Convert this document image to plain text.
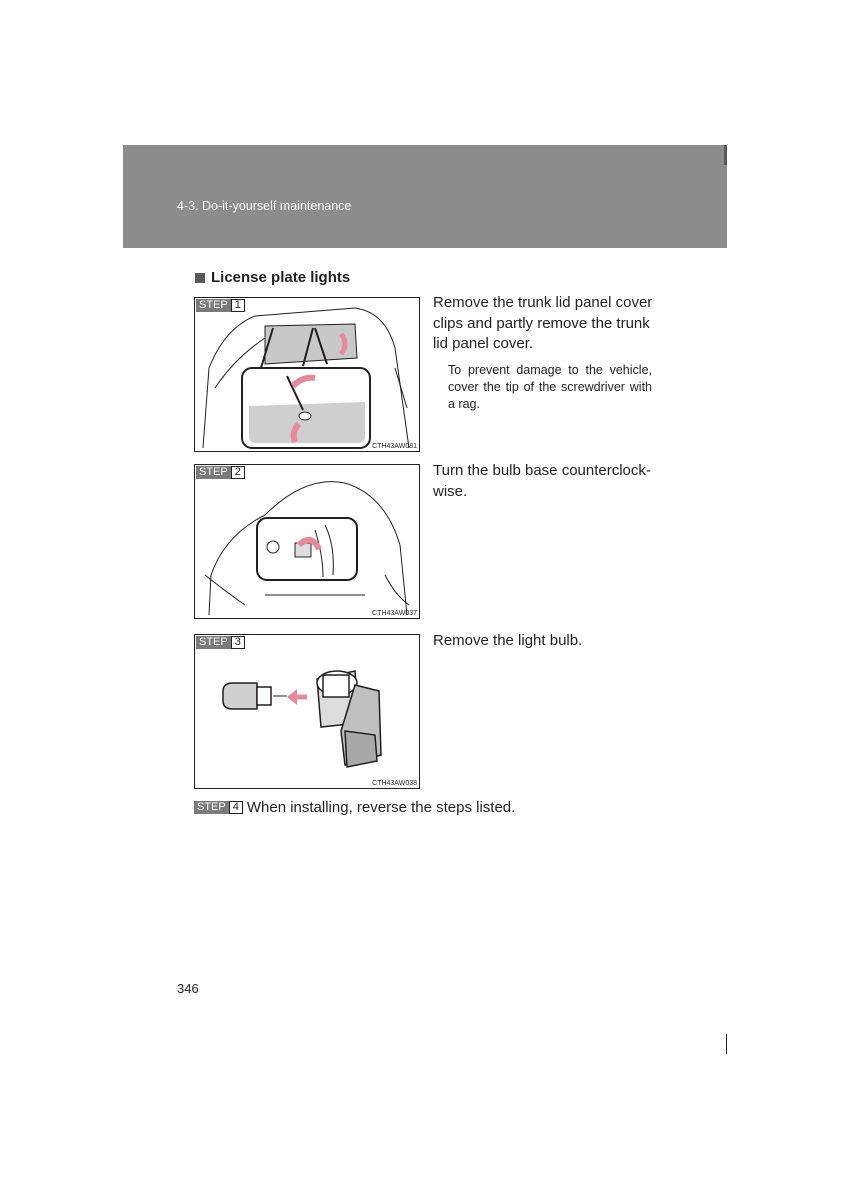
4-3. Do-it-yourself maintenance
License plate lights
STEP 1
CTH43AW081
Remove the trunk lid panel cover clips and partly remove the trunk lid panel cover.
To prevent damage to the vehicle, cover the tip of the screwdriver with a rag.
STEP 2
CTH43AW037
Turn the bulb base counterclock-wise.
STEP 3
CTH43AW038
Remove the light bulb.
STEP 4 When installing, reverse the steps listed.
346
